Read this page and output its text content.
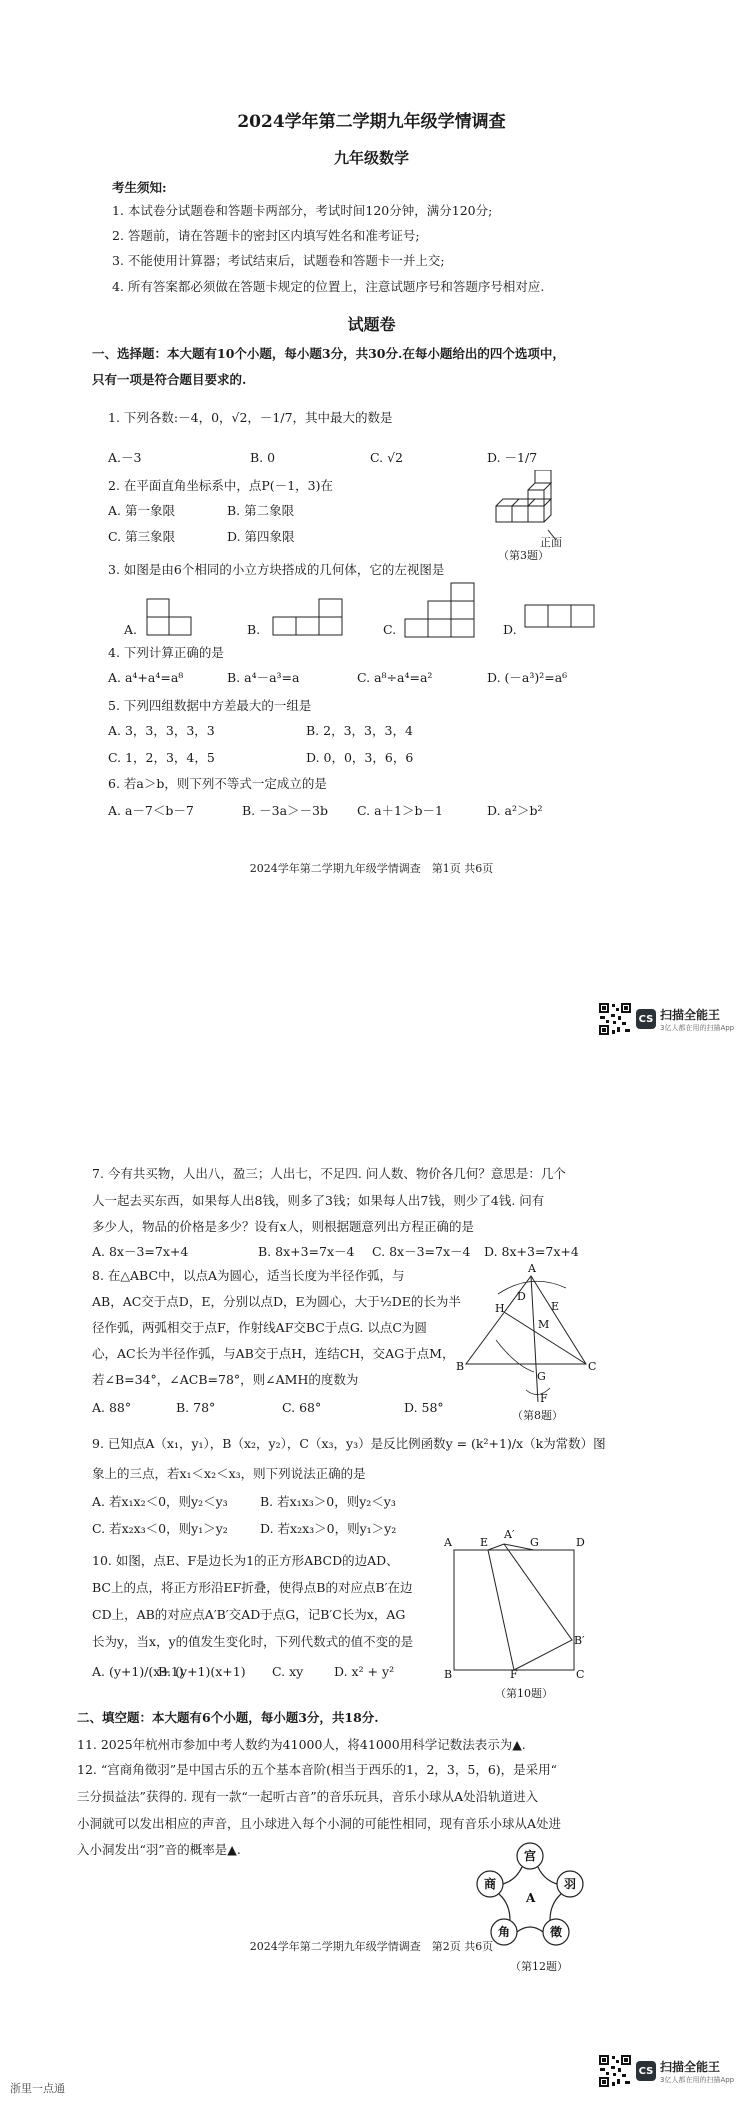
2024学年第二学期九年级学情调查
九年级数学
考生须知:
1. 本试卷分试题卷和答题卡两部分，考试时间120分钟，满分120分;
2. 答题前，请在答题卡的密封区内填写姓名和准考证号;
3. 不能使用计算器；考试结束后，试题卷和答题卡一并上交;
4. 所有答案都必须做在答题卡规定的位置上，注意试题序号和答题序号相对应.
试题卷
一、选择题：本大题有10个小题，每小题3分，共30分.在每小题给出的四个选项中，
只有一项是符合题目要求的.
1. 下列各数:－4，0，√2，－1/7，其中最大的数是
A.－3	B. 0	C. √2	D. －1/7
2. 在平面直角坐标系中，点P(－1，3)在
A. 第一象限	B. 第二象限
C. 第三象限	D. 第四象限	正面
（第3题）
3. 如图是由6个相同的小立方块搭成的几何体，它的左视图是
A.	B.	C.	D.
4. 下列计算正确的是
A. a⁴+a⁴=a⁸	B. a⁴－a³=a	C. a⁸÷a⁴=a²	D. (－a³)²=a⁶
5. 下列四组数据中方差最大的一组是
A. 3，3，3，3，3	B. 2，3，3，3，4
C. 1，2，3，4，5	D. 0，0，3，6，6
6. 若a＞b，则下列不等式一定成立的是
A. a－7＜b－7	B. －3a＞－3b C. a＋1＞b－1	D. a²＞b²
2024学年第二学期九年级学情调查　第1页 共6页
CS 扫描全能王
3亿人都在用的扫描App
7. 今有共买物，人出八，盈三；人出七，不足四. 问人数、物价各几何？意思是：几个
人一起去买东西，如果每人出8钱，则多了3钱；如果每人出7钱，则少了4钱. 问有
多少人，物品的价格是多少？设有x人，则根据题意列出方程正确的是
A. 8x－3=7x+4	B. 8x+3=7x－4 C. 8x－3=7x－4 D. 8x+3=7x+4
8. 在△ABC中，以点A为圆心，适当长度为半径作弧，与
AB，AC交于点D，E，分别以点D，E为圆心，大于½DE的长为半
径作弧，两弧相交于点F，作射线AF交BC于点G. 以点C为圆
心，AC长为半径作弧，与AB交于点H，连结CH，交AG于点M，
若∠B=34°，∠ACB=78°，则∠AMH的度数为
A. 88°	B. 78°	C. 68°	D. 58°
A
B	C
H
D
E
M
G
F
（第8题）
9. 已知点A（x₁，y₁），B（x₂，y₂），C（x₃，y₃）是反比例函数y = (k²+1)/x（k为常数）图
象上的三点，若x₁＜x₂＜x₃，则下列说法正确的是
A. 若x₁x₂＜0，则y₂＜y₃	B. 若x₁x₃＞0，则y₂＜y₃
C. 若x₂x₃＜0，则y₁＞y₂	D. 若x₂x₃＞0，则y₁＞y₂
10. 如图，点E、F是边长为1的正方形ABCD的边AD、
BC上的点，将正方形沿EF折叠，使得点B的对应点B′在边
CD上，AB的对应点A′B′交AD于点G，记B′C长为x，AG
长为y，当x，y的值发生变化时，下列代数式的值不变的是
A. (y+1)/(x+1)
B. (y+1)(x+1) C. xy D. x² + y²
A	E	G	D
A′
B′
B	F	C
（第10题）
二、填空题：本大题有6个小题，每小题3分，共18分.
11. 2025年杭州市参加中考人数约为41000人，将41000用科学记数法表示为▲.
12. “宫商角徵羽”是中国古乐的五个基本音阶(相当于西乐的1，2，3，5，6)，是采用“
三分损益法”获得的. 现有一款“一起听古音”的音乐玩具，音乐小球从A处沿轨道进入
小洞就可以发出相应的声音，且小球进入每个小洞的可能性相同，现有音乐小球从A处进
入小洞发出“羽”音的概率是▲.	宫
羽
徵
角
商
A
（第12题）
2024学年第二学期九年级学情调查　第2页 共6页
浙里一点通
CS 扫描全能王
3亿人都在用的扫描App
